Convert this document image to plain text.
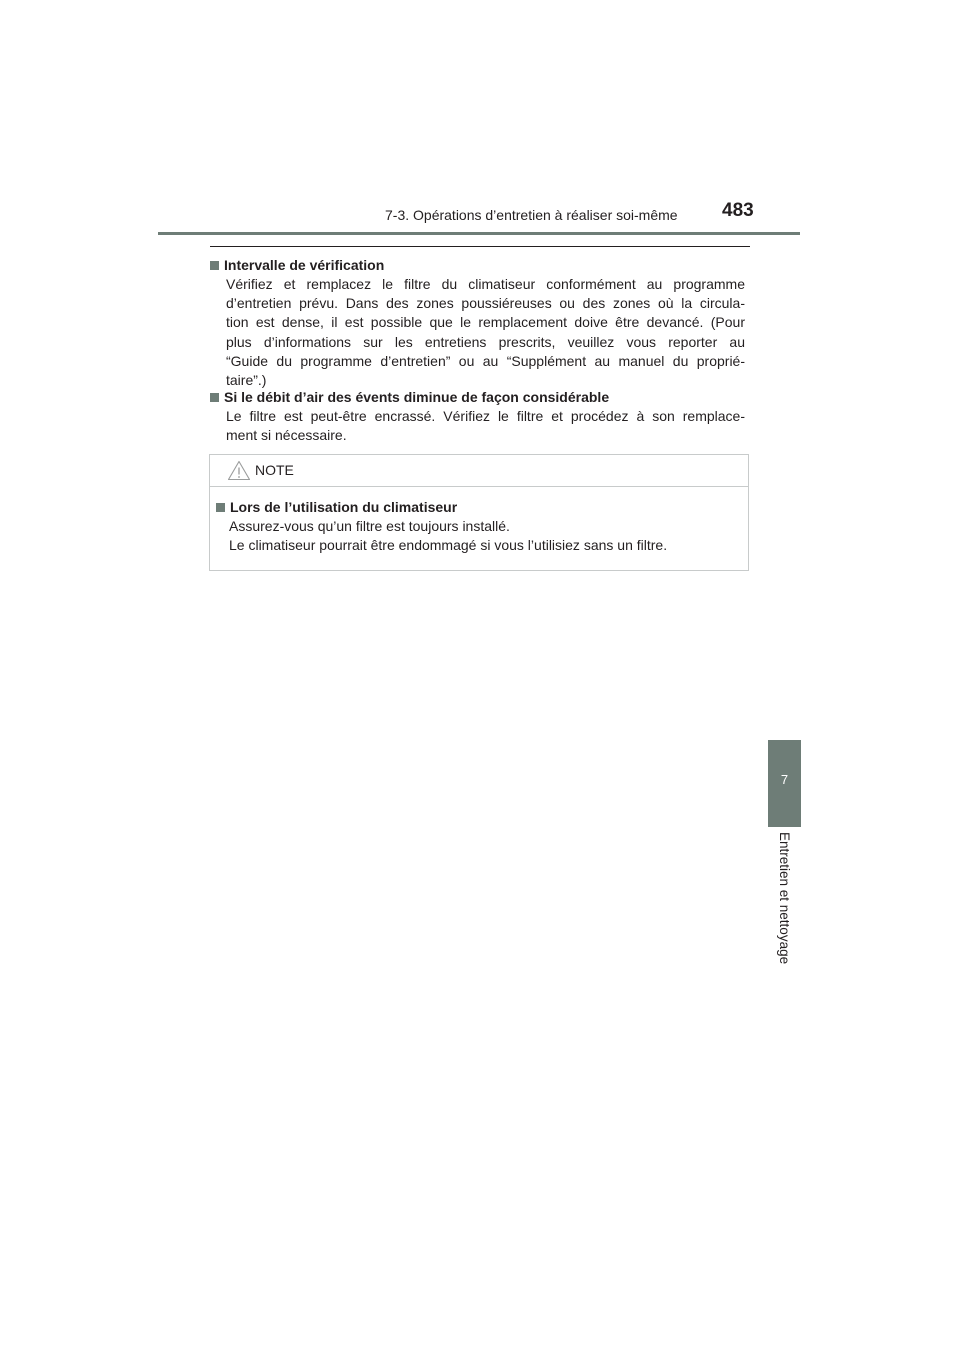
7-3. Opérations d’entretien à réaliser soi-même	483
Intervalle de vérification
Vérifiez et remplacez le filtre du climatiseur conformément au programme
d’entretien prévu. Dans des zones poussiéreuses ou des zones où la circula-
tion est dense, il est possible que le remplacement doive être devancé. (Pour
plus d’informations sur les entretiens prescrits, veuillez vous reporter au
“Guide du programme d’entretien” ou au “Supplément au manuel du proprié-
taire”.)
Si le débit d’air des évents diminue de façon considérable
Le filtre est peut-être encrassé. Vérifiez le filtre et procédez à son remplace-
ment si nécessaire.
NOTE
Lors de l’utilisation du climatiseur
Assurez-vous qu’un filtre est toujours installé.
Le climatiseur pourrait être endommagé si vous l’utilisiez sans un filtre.
7
Entretien et nettoyage
